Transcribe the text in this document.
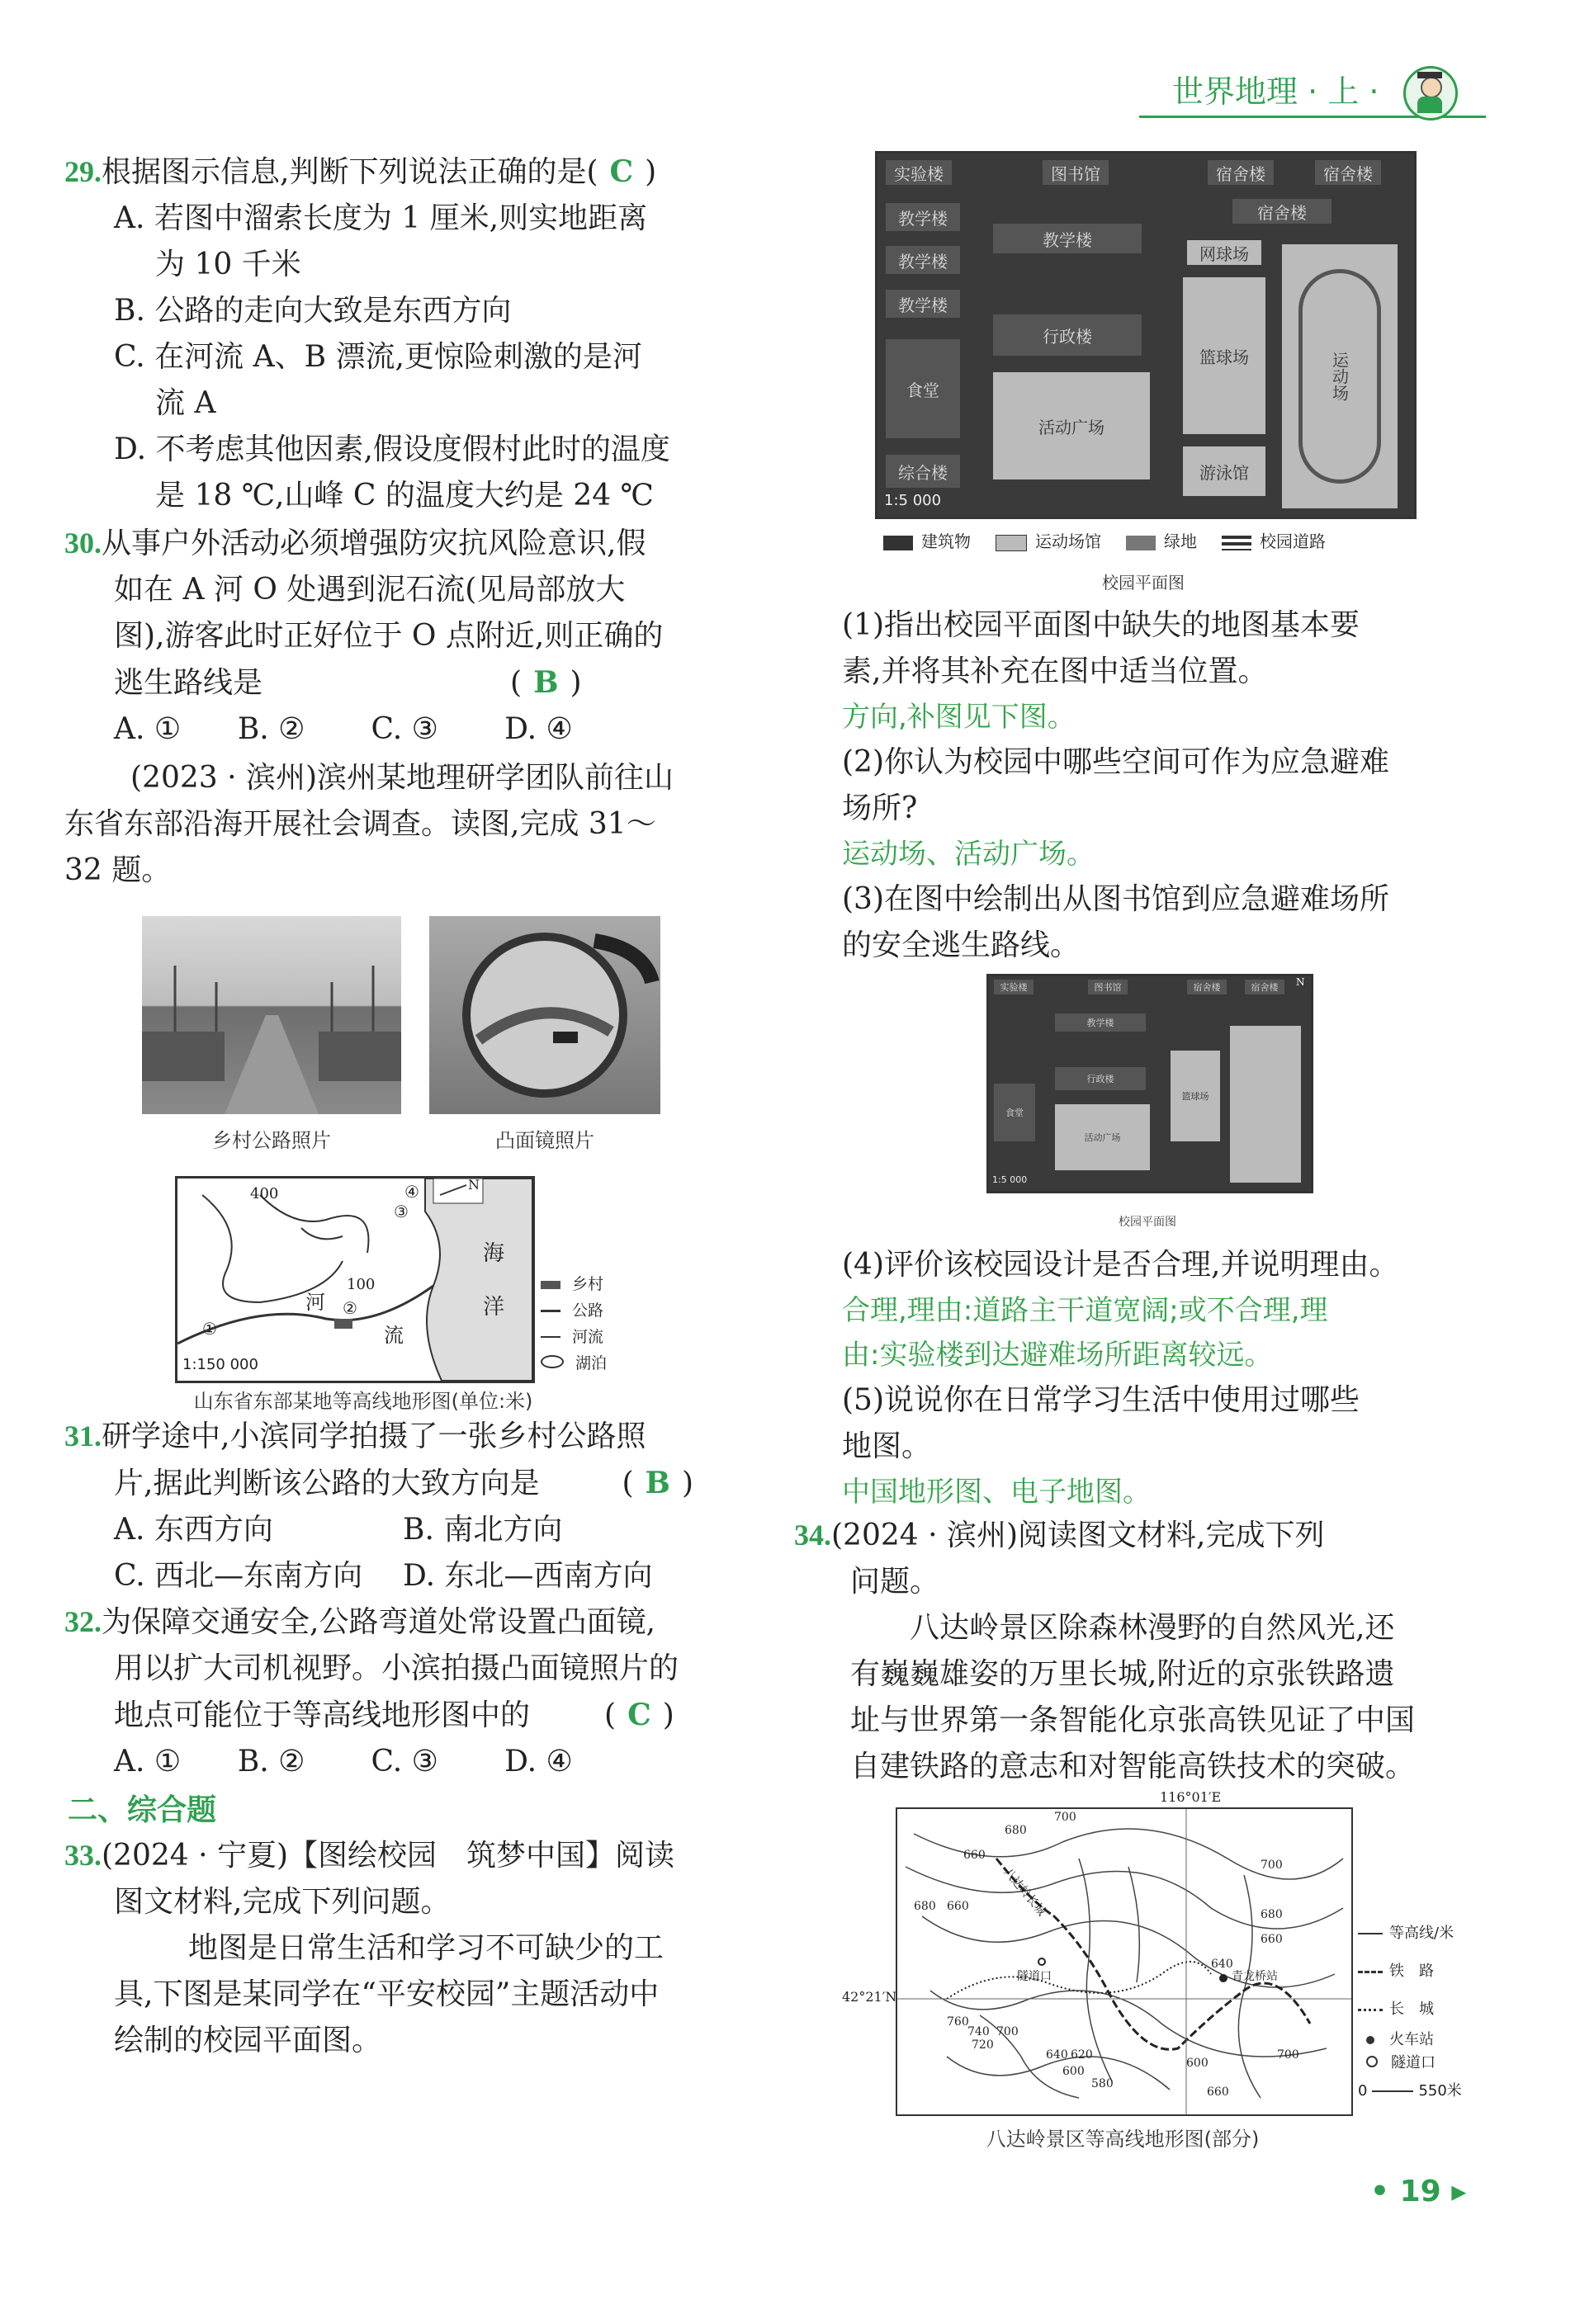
世界地理 · 上 ·
29.根据图示信息,判断下列说法正确的是( C )
A. 若图中溜索长度为 1 厘米,则实地距离
为 10 千米
B. 公路的走向大致是东西方向
C. 在河流 A、B 漂流,更惊险刺激的是河
流 A
D. 不考虑其他因素,假设度假村此时的温度
是 18 ℃,山峰 C 的温度大约是 24 ℃
30.从事户外活动必须增强防灾抗风险意识,假
如在 A 河 O 处遇到泥石流(见局部放大
图),游客此时正好位于 O 点附近,则正确的
逃生路线是	( B )
A. ①      B. ②       C. ③       D. ④
(2023 · 滨州)滨州某地理研学团队前往山
东省东部沿海开展社会调查。读图,完成 31～
32 题。
乡村公路照片	凸面镜照片
N
400
100
①
②
③
④
河
流
海
洋
1:150 000
乡村
公路
河流
湖泊
山东省东部某地等高线地形图(单位:米)
31.研学途中,小滨同学拍摄了一张乡村公路照
片,据此判断该公路的大致方向是	( B )
A. 东西方向	B. 南北方向
C. 西北—东南方向 D. 东北—西南方向
32.为保障交通安全,公路弯道处常设置凸面镜,
用以扩大司机视野。小滨拍摄凸面镜照片的
地点可能位于等高线地形图中的	( C )
A. ①      B. ②       C. ③       D. ④
二、综合题
33.(2024 · 宁夏)【图绘校园　筑梦中国】阅读
图文材料,完成下列问题。
地图是日常生活和学习不可缺少的工
具,下图是某同学在“平安校园”主题活动中
绘制的校园平面图。
实验楼	图书馆	宿舍楼	宿舍楼
宿舍楼
教学楼
教学楼
教学楼
教学楼
网球场
行政楼
篮球场	运动场
食堂
活动广场
综合楼	游泳馆
1:5 000
建筑物	运动场馆	绿地	校园道路
校园平面图
(1)指出校园平面图中缺失的地图基本要
素,并将其补充在图中适当位置。
方向,补图见下图。
(2)你认为校园中哪些空间可作为应急避难
场所?
运动场、活动广场。
(3)在图中绘制出从图书馆到应急避难场所
的安全逃生路线。
实验楼	图书馆	宿舍楼	宿舍楼
教学楼
行政楼
篮球场
活动广场
食堂
N
1:5 000
校园平面图
(4)评价该校园设计是否合理,并说明理由。
合理,理由:道路主干道宽阔;或不合理,理
由:实验楼到达避难场所距离较远。
(5)说说你在日常学习生活中使用过哪些
地图。
中国地形图、电子地图。
34.(2024 · 滨州)阅读图文材料,完成下列
问题。
八达岭景区除森林漫野的自然风光,还
有巍巍雄姿的万里长城,附近的京张铁路遗
址与世界第一条智能化京张高铁见证了中国
自建铁路的意志和对智能高铁技术的突破。
680
700
660
700
680
660
640
680 660
760
740
720
700
640 620
600
580
600
660
700
八达岭长城
隧道口	青龙桥站
116°01′E
42°21′N
等高线/米
铁　路
长　城
火车站
隧道口
0	550米
八达岭景区等高线地形图(部分)
• 19 ▸
